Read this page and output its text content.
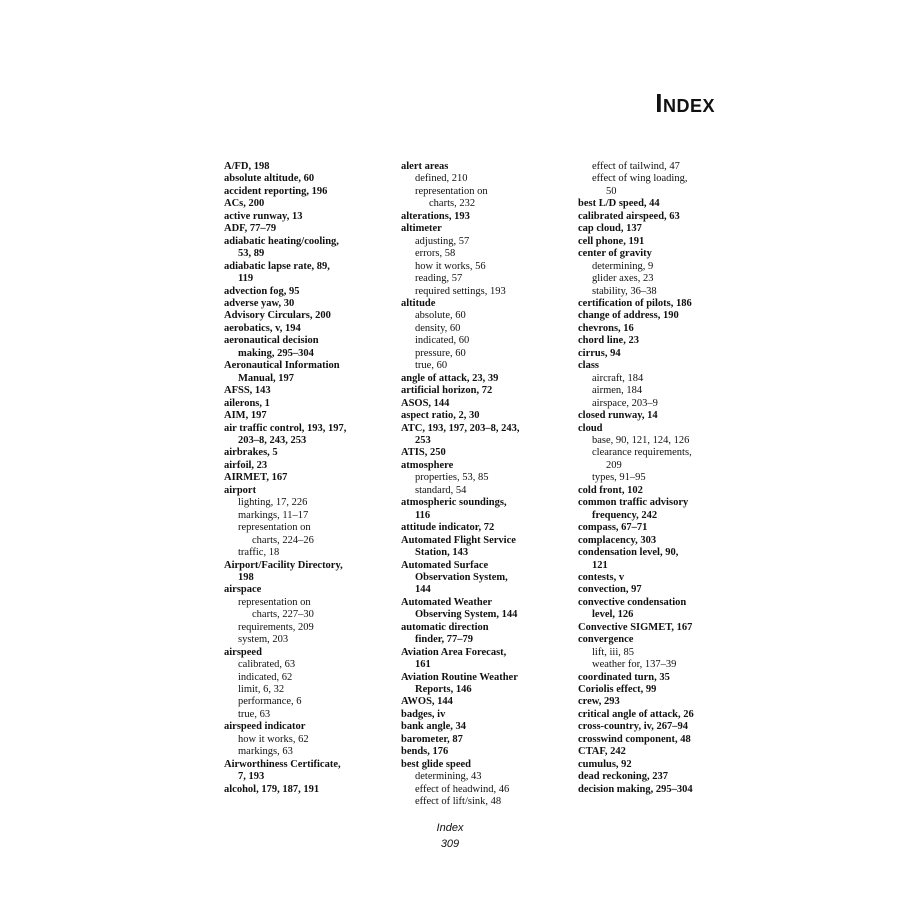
Index
A/FD, 198
absolute altitude, 60
accident reporting, 196
ACs, 200
active runway, 13
ADF, 77–79
adiabatic heating/cooling,
53, 89
adiabatic lapse rate, 89,
119
advection fog, 95
adverse yaw, 30
Advisory Circulars, 200
aerobatics, v, 194
aeronautical decision
making, 295–304
Aeronautical Information
Manual, 197
AFSS, 143
ailerons, 1
AIM, 197
air traffic control, 193, 197,
203–8, 243, 253
airbrakes, 5
airfoil, 23
AIRMET, 167
airport
lighting, 17, 226
markings, 11–17
representation on
charts, 224–26
traffic, 18
Airport/Facility Directory,
198
airspace
representation on
charts, 227–30
requirements, 209
system, 203
airspeed
calibrated, 63
indicated, 62
limit, 6, 32
performance, 6
true, 63
airspeed indicator
how it works, 62
markings, 63
Airworthiness Certificate,
7, 193
alcohol, 179, 187, 191
alert areas
defined, 210
representation on
charts, 232
alterations, 193
altimeter
adjusting, 57
errors, 58
how it works, 56
reading, 57
required settings, 193
altitude
absolute, 60
density, 60
indicated, 60
pressure, 60
true, 60
angle of attack, 23, 39
artificial horizon, 72
ASOS, 144
aspect ratio, 2, 30
ATC, 193, 197, 203–8, 243,
253
ATIS, 250
atmosphere
properties, 53, 85
standard, 54
atmospheric soundings,
116
attitude indicator, 72
Automated Flight Service
Station, 143
Automated Surface
Observation System,
144
Automated Weather
Observing System, 144
automatic direction
finder, 77–79
Aviation Area Forecast,
161
Aviation Routine Weather
Reports, 146
AWOS, 144
badges, iv
bank angle, 34
barometer, 87
bends, 176
best glide speed
determining, 43
effect of headwind, 46
effect of lift/sink, 48
effect of tailwind, 47
effect of wing loading,
50
best L/D speed, 44
calibrated airspeed, 63
cap cloud, 137
cell phone, 191
center of gravity
determining, 9
glider axes, 23
stability, 36–38
certification of pilots, 186
change of address, 190
chevrons, 16
chord line, 23
cirrus, 94
class
aircraft, 184
airmen, 184
airspace, 203–9
closed runway, 14
cloud
base, 90, 121, 124, 126
clearance requirements,
209
types, 91–95
cold front, 102
common traffic advisory
frequency, 242
compass, 67–71
complacency, 303
condensation level, 90,
121
contests, v
convection, 97
convective condensation
level, 126
Convective SIGMET, 167
convergence
lift, iii, 85
weather for, 137–39
coordinated turn, 35
Coriolis effect, 99
crew, 293
critical angle of attack, 26
cross-country, iv, 267–94
crosswind component, 48
CTAF, 242
cumulus, 92
dead reckoning, 237
decision making, 295–304
Index
309
